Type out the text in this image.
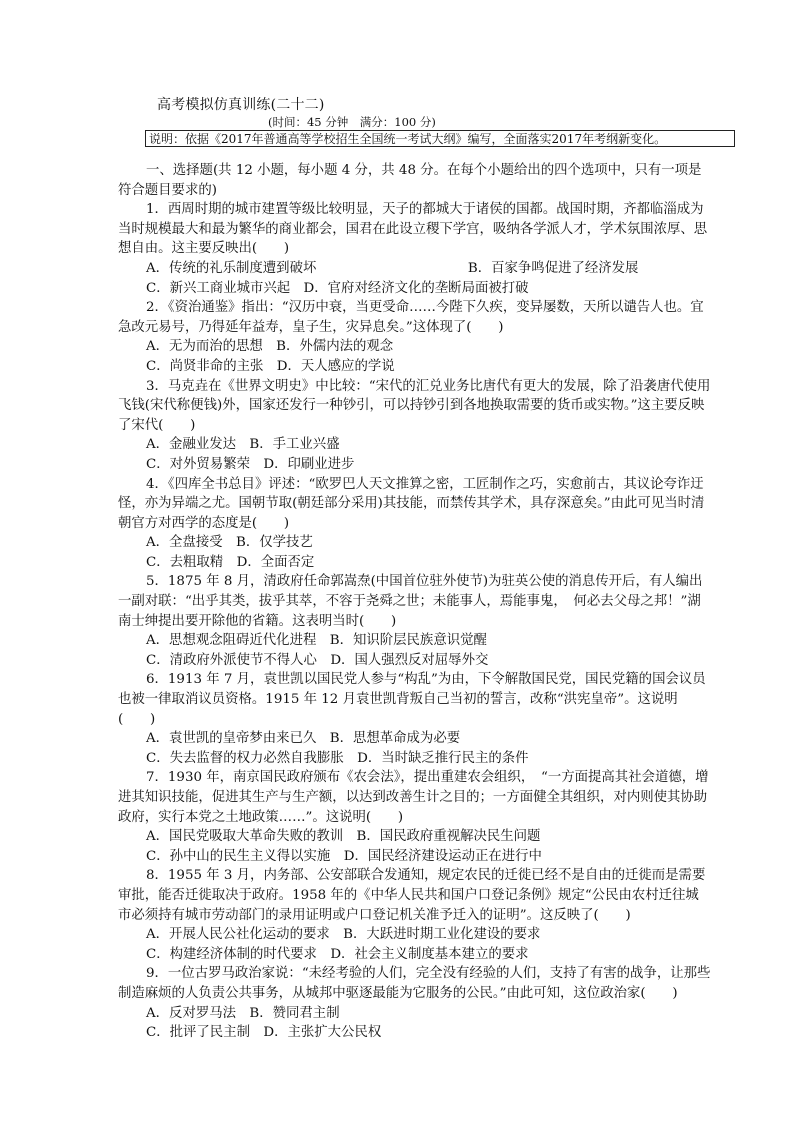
高考模拟仿真训练(二十二)
(时间：45 分钟　满分：100 分)
说明：依据《2017年普通高等学校招生全国统一考试大纲》编写，全面落实2017年考纲新变化。

一、选择题(共 12 小题，每小题 4 分，共 48 分。在每个小题给出的四个选项中，只有一项是符合题目要求的)

1．西周时期的城市建置等级比较明显，天子的都城大于诸侯的国都。战国时期，齐都临淄成为当时规模最大和最为繁华的商业都会，国君在此设立稷下学宫，吸纳各学派人才，学术氛围浓厚、思想自由。这主要反映出(　　)

A．传统的礼乐制度遭到破坏　　　　　　　　　　　 B．百家争鸣促进了经济发展

C．新兴工商业城市兴起　D．官府对经济文化的垄断局面被打破

2．《资治通鉴》指出：“汉历中衰，当更受命……今陛下久疾，变异屡数，天所以谴告人也。宜急改元易号，乃得延年益寿，皇子生，灾异息矣。”这体现了(　　)

A．无为而治的思想　B．外儒内法的观念

C．尚贤非命的主张　D．天人感应的学说

3．马克垚在《世界文明史》中比较：“宋代的汇兑业务比唐代有更大的发展，除了沿袭唐代使用飞钱(宋代称便钱)外，国家还发行一种钞引，可以持钞引到各地换取需要的货币或实物。”这主要反映了宋代(　　)

A．金融业发达　B．手工业兴盛

C．对外贸易繁荣　D．印刷业进步

4．《四库全书总目》评述：“欧罗巴人天文推算之密，工匠制作之巧，实愈前古，其议论夸诈迂怪，亦为异端之尤。国朝节取(朝廷部分采用)其技能，而禁传其学术，具存深意矣。”由此可见当时清朝官方对西学的态度是(　　)

A．全盘接受　B．仅学技艺

C．去粗取精　D．全面否定

5．1875 年 8 月，清政府任命郭嵩焘(中国首位驻外使节)为驻英公使的消息传开后，有人编出一副对联：“出乎其类，拔乎其萃，不容于尧舜之世；未能事人，焉能事鬼，　何必去父母之邦！”湖南士绅提出要开除他的省籍。这表明当时(　　)

A．思想观念阻碍近代化进程　B．知识阶层民族意识觉醒

C．清政府外派使节不得人心　D．国人强烈反对屈辱外交

6．1913 年 7 月，袁世凯以国民党人参与“构乱”为由，下令解散国民党，国民党籍的国会议员也被一律取消议员资格。1915 年 12 月袁世凯背叛自己当初的誓言，改称“洪宪皇帝”。这说明(　　)

A．袁世凯的皇帝梦由来已久　B．思想革命成为必要

C．失去监督的权力必然自我膨胀　D．当时缺乏推行民主的条件

7．1930 年，南京国民政府颁布《农会法》，提出重建农会组织，　“一方面提高其社会道德，增进其知识技能，促进其生产与生产额，以达到改善生计之目的；一方面健全其组织，对内则使其协助政府，实行本党之土地政策……”。这说明(　　)

A．国民党吸取大革命失败的教训　B．国民政府重视解决民生问题

C．孙中山的民生主义得以实施　D．国民经济建设运动正在进行中

8．1955 年 3 月，内务部、公安部联合发通知，规定农民的迁徙已经不是自由的迁徙而是需要审批，能否迁徙取决于政府。1958 年的《中华人民共和国户口登记条例》规定“公民由农村迁往城市必须持有城市劳动部门的录用证明或户口登记机关准予迁入的证明”。这反映了(　　)

A．开展人民公社化运动的要求　B．大跃进时期工业化建设的要求

C．构建经济体制的时代要求　D．社会主义制度基本建立的要求

9．一位古罗马政治家说：“未经考验的人们，完全没有经验的人们，支持了有害的战争，让那些制造麻烦的人负责公共事务，从城邦中驱逐最能为它服务的公民。”由此可知，这位政治家(　　)

A．反对罗马法　B．赞同君主制

C．批评了民主制　D．主张扩大公民权
